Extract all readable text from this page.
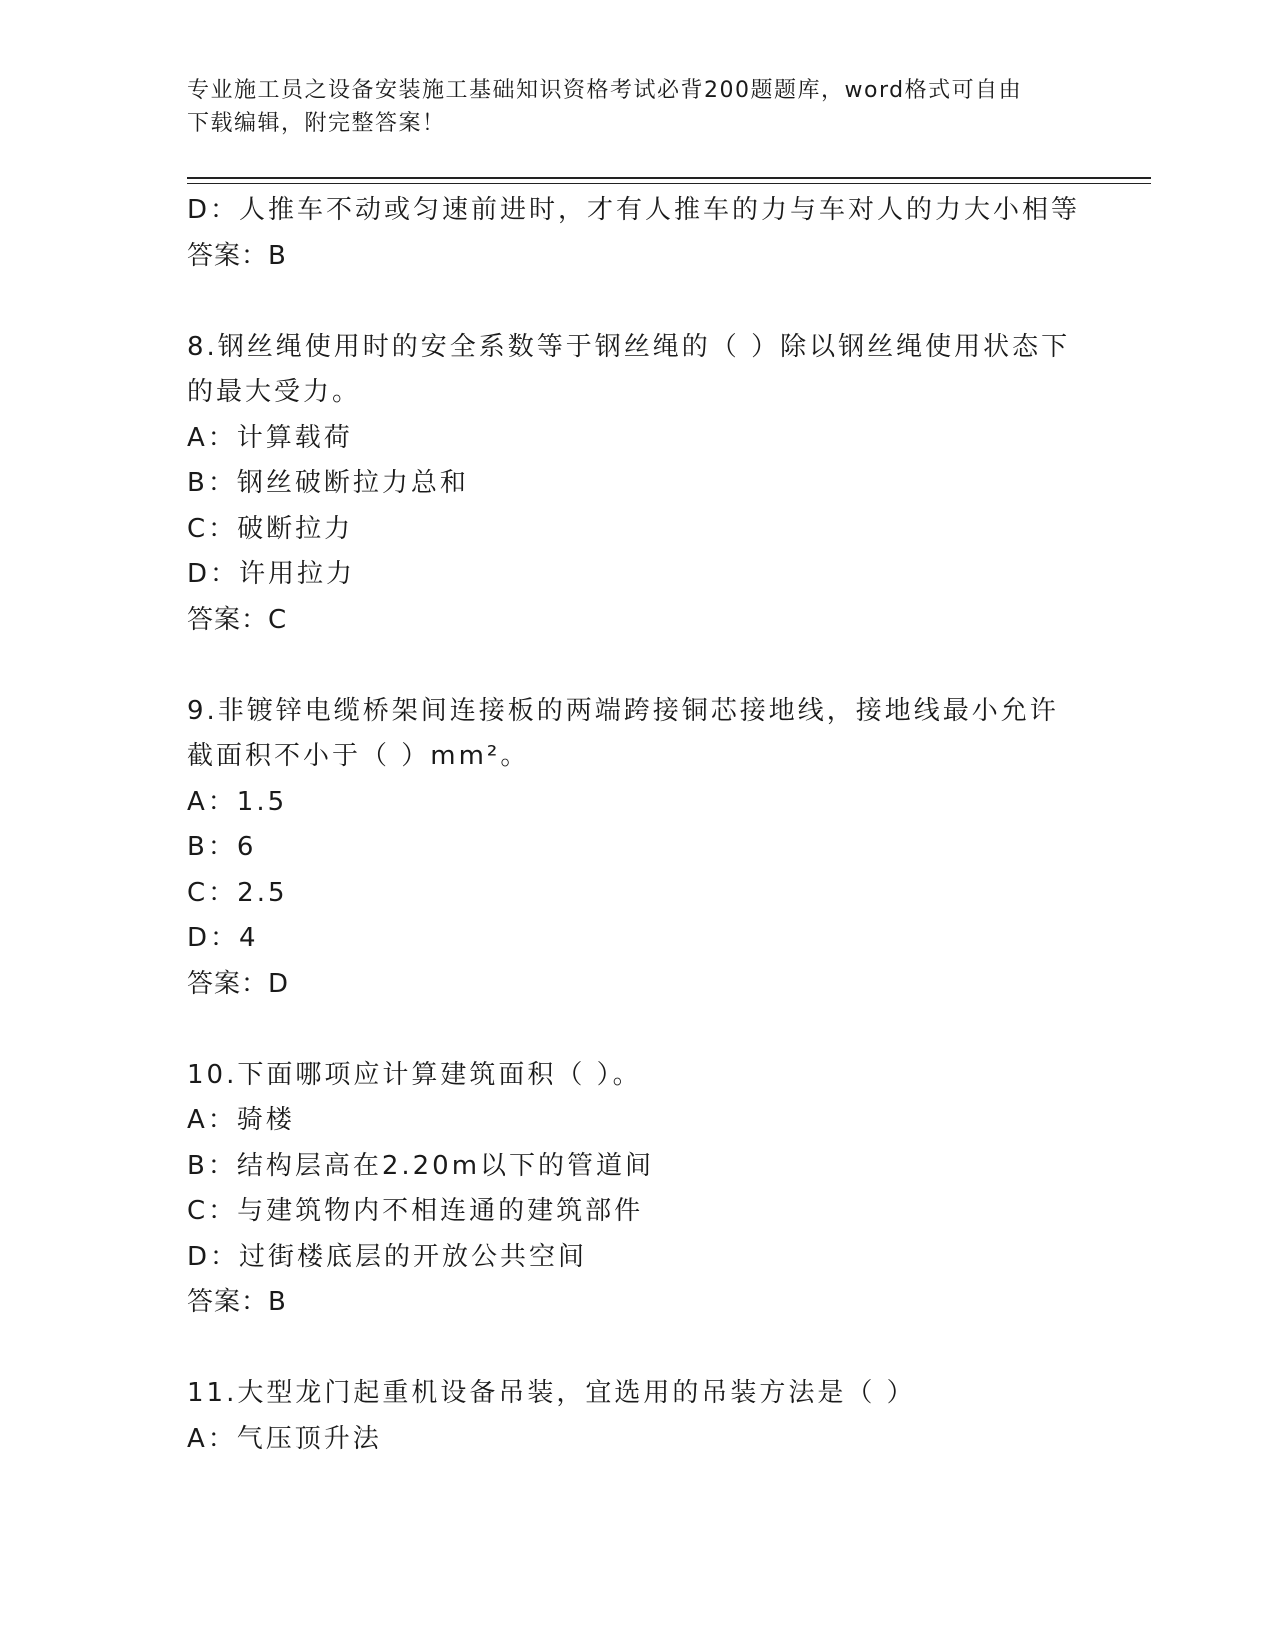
专业施工员之设备安装施工基础知识资格考试必背200题题库，word格式可自由
下载编辑，附完整答案！
D：人推车不动或匀速前进时，才有人推车的力与车对人的力大小相等
答案：B
8.钢丝绳使用时的安全系数等于钢丝绳的（ ）除以钢丝绳使用状态下
的最大受力。
A：计算载荷
B：钢丝破断拉力总和
C：破断拉力
D：许用拉力
答案：C
9.非镀锌电缆桥架间连接板的两端跨接铜芯接地线，接地线最小允许
截面积不小于（ ）mm²。
A：1.5
B：6
C：2.5
D：4
答案：D
10.下面哪项应计算建筑面积（ ）。
A：骑楼
B：结构层高在2.20m以下的管道间
C：与建筑物内不相连通的建筑部件
D：过街楼底层的开放公共空间
答案：B
11.大型龙门起重机设备吊装，宜选用的吊装方法是（ ）
A：气压顶升法
